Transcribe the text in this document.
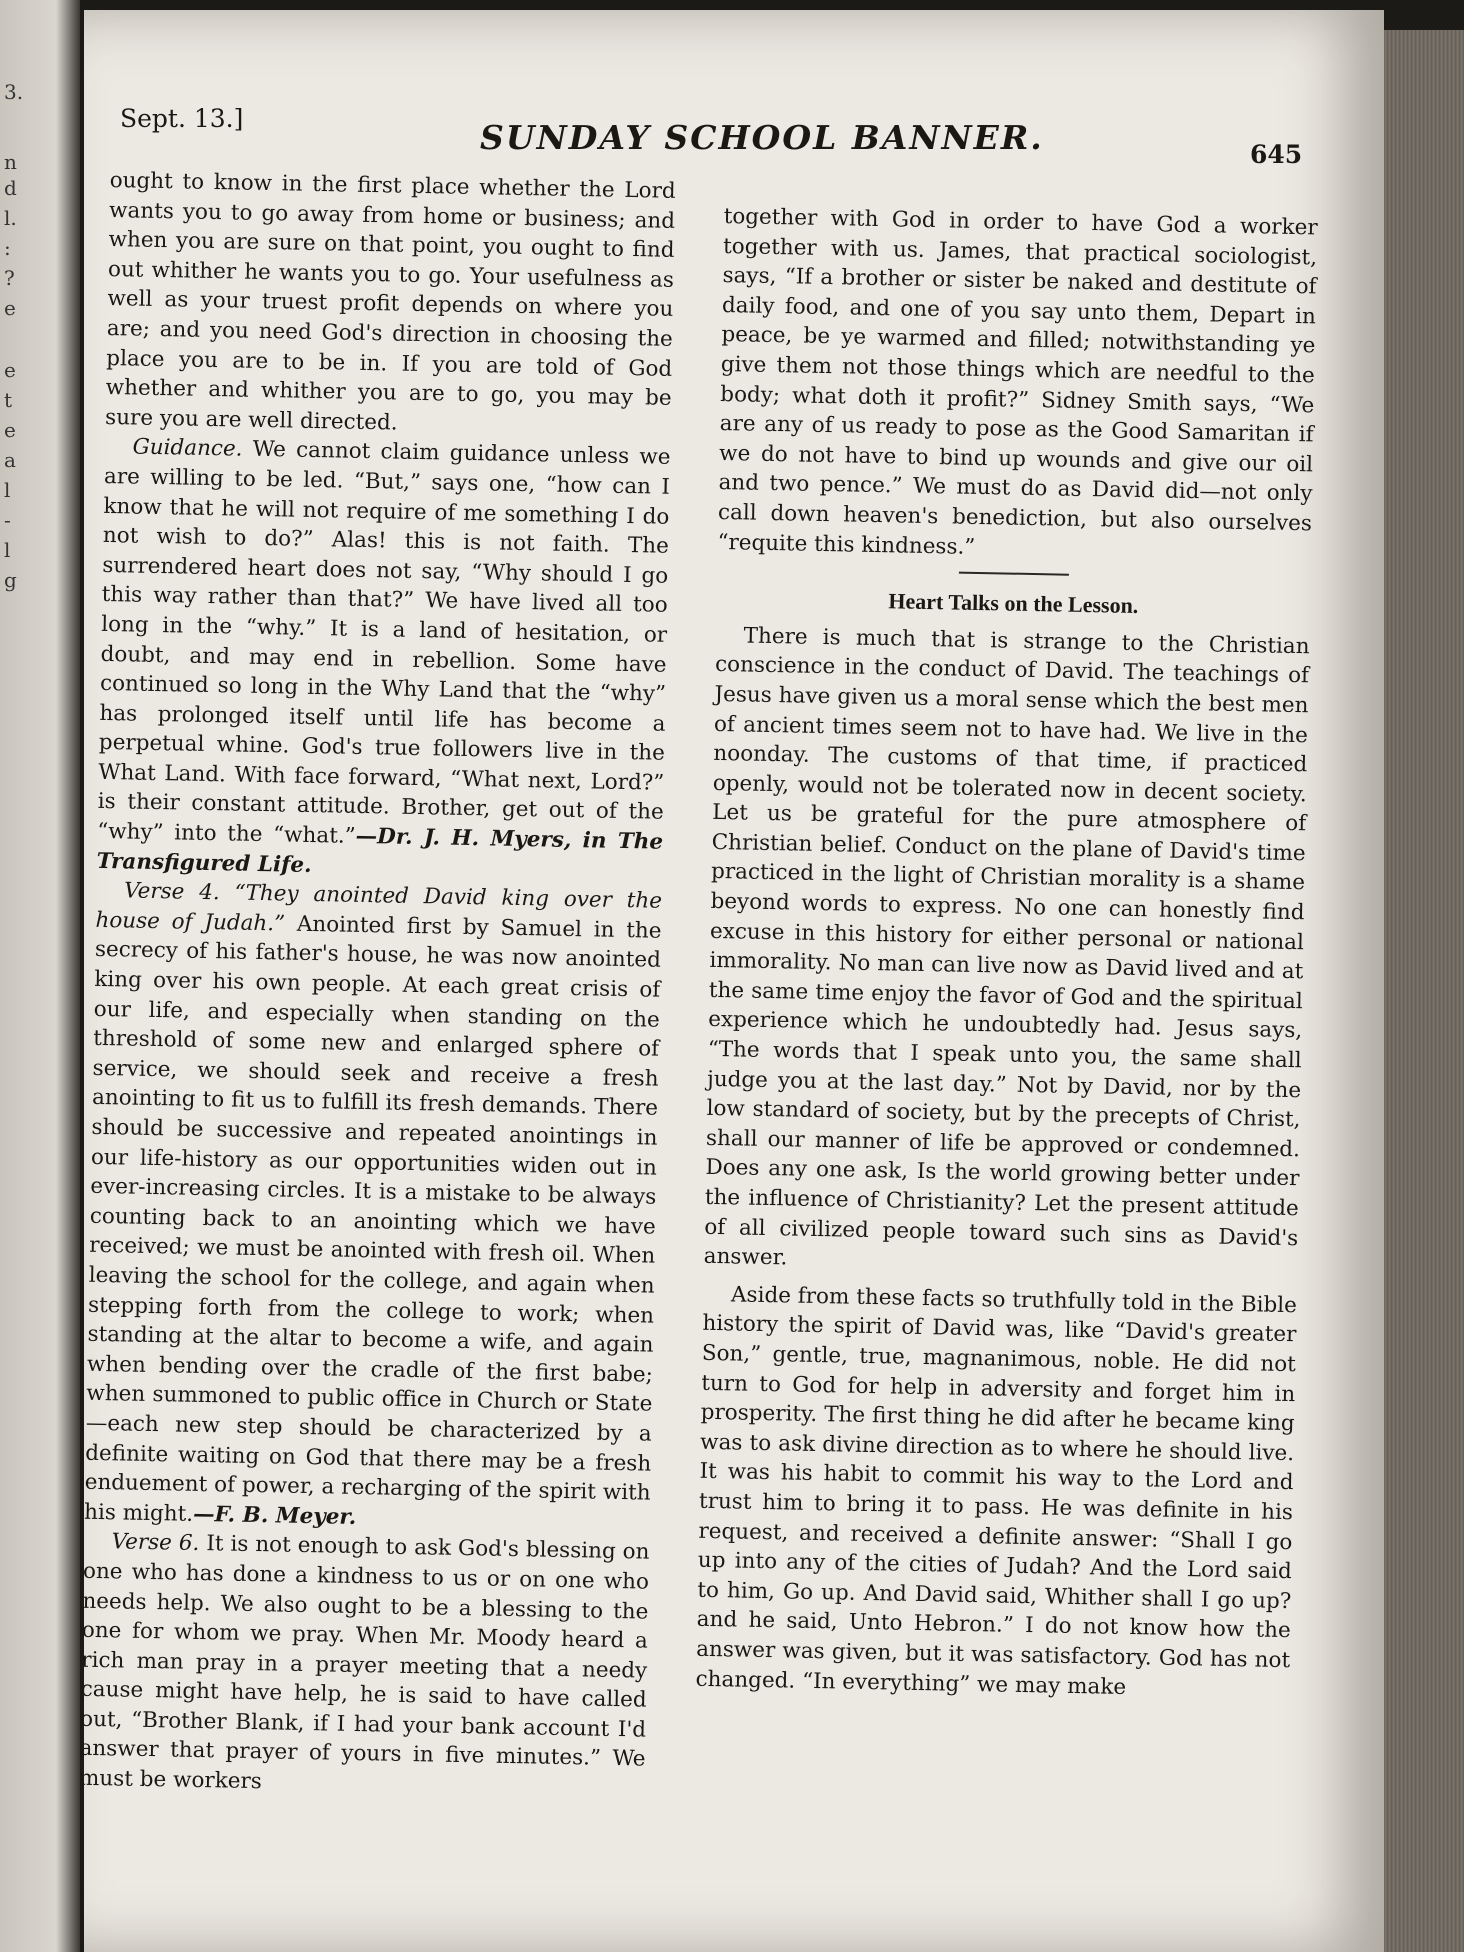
3.
n
d
l.
:
?
e
e
t
e
a
l
-
l
g
Sept. 13.]	SUNDAY SCHOOL BANNER.	645

ought to know in the first place whether the Lord wants you to go away from home or business; and when you are sure on that point, you ought to find out whither he wants you to go. Your usefulness as well as your truest profit depends on where you are; and you need God's direction in choosing the place you are to be in. If you are told of God whether and whither you are to go, you may be sure you are well directed.

Guidance. We cannot claim guidance unless we are willing to be led. “But,” says one, “how can I know that he will not require of me something I do not wish to do?” Alas! this is not faith. The surrendered heart does not say, “Why should I go this way rather than that?” We have lived all too long in the “why.” It is a land of hesitation, or doubt, and may end in rebellion. Some have continued so long in the Why Land that the “why” has prolonged itself until life has become a perpetual whine. God's true followers live in the What Land. With face forward, “What next, Lord?” is their constant attitude. Brother, get out of the “why” into the “what.”—Dr. J. H. Myers, in The Transfigured Life.

Verse 4. “They anointed David king over the house of Judah.” Anointed first by Samuel in the secrecy of his father's house, he was now anointed king over his own people. At each great crisis of our life, and especially when standing on the threshold of some new and enlarged sphere of service, we should seek and receive a fresh anointing to fit us to fulfill its fresh demands. There should be successive and repeated anointings in our life-history as our opportunities widen out in ever-increasing circles. It is a mistake to be always counting back to an anointing which we have received; we must be anointed with fresh oil. When leaving the school for the college, and again when stepping forth from the college to work; when standing at the altar to become a wife, and again when bending over the cradle of the first babe; when summoned to public office in Church or State—each new step should be characterized by a definite waiting on God that there may be a fresh enduement of power, a recharging of the spirit with his might.—F. B. Meyer.

Verse 6. It is not enough to ask God's blessing on one who has done a kindness to us or on one who needs help. We also ought to be a blessing to the one for whom we pray. When Mr. Moody heard a rich man pray in a prayer meeting that a needy cause might have help, he is said to have called out, “Brother Blank, if I had your bank account I'd answer that prayer of yours in five minutes.” We must be workers

together with God in order to have God a worker together with us. James, that practical sociologist, says, “If a brother or sister be naked and destitute of daily food, and one of you say unto them, Depart in peace, be ye warmed and filled; notwithstanding ye give them not those things which are needful to the body; what doth it profit?” Sidney Smith says, “We are any of us ready to pose as the Good Samaritan if we do not have to bind up wounds and give our oil and two pence.” We must do as David did—not only call down heaven's benediction, but also ourselves “requite this kindness.”

Heart Talks on the Lesson.

There is much that is strange to the Christian conscience in the conduct of David. The teachings of Jesus have given us a moral sense which the best men of ancient times seem not to have had. We live in the noonday. The customs of that time, if practiced openly, would not be tolerated now in decent society. Let us be grateful for the pure atmosphere of Christian belief. Conduct on the plane of David's time practiced in the light of Christian morality is a shame beyond words to express. No one can honestly find excuse in this history for either personal or national immorality. No man can live now as David lived and at the same time enjoy the favor of God and the spiritual experience which he undoubtedly had. Jesus says, “The words that I speak unto you, the same shall judge you at the last day.” Not by David, nor by the low standard of society, but by the precepts of Christ, shall our manner of life be approved or condemned. Does any one ask, Is the world growing better under the influence of Christianity? Let the present attitude of all civilized people toward such sins as David's answer.

Aside from these facts so truthfully told in the Bible history the spirit of David was, like “David's greater Son,” gentle, true, magnanimous, noble. He did not turn to God for help in adversity and forget him in prosperity. The first thing he did after he became king was to ask divine direction as to where he should live. It was his habit to commit his way to the Lord and trust him to bring it to pass. He was definite in his request, and received a definite answer: “Shall I go up into any of the cities of Judah? And the Lord said to him, Go up. And David said, Whither shall I go up? and he said, Unto Hebron.” I do not know how the answer was given, but it was satisfactory. God has not changed. “In everything” we may make
